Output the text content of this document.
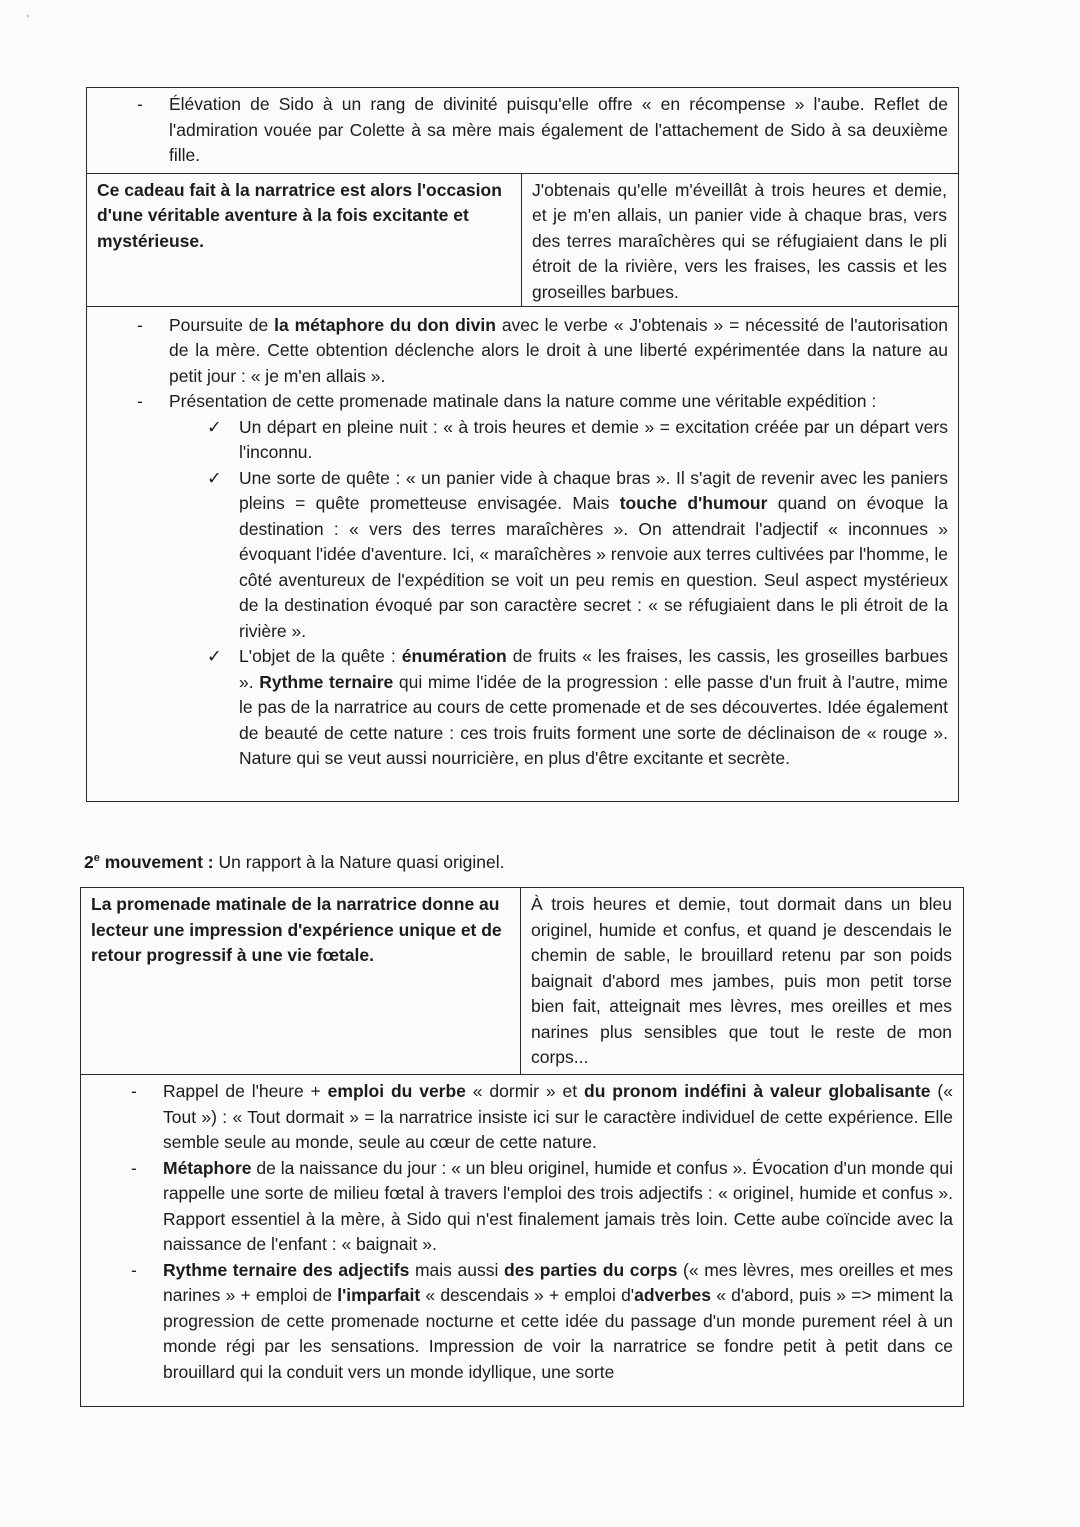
`
- Élévation de Sido à un rang de divinité puisqu'elle offre « en récompense » l'aube. Reflet de l'admiration vouée par Colette à sa mère mais également de l'attachement de Sido à sa deuxième fille.
Ce cadeau fait à la narratrice est alors l'occasion d'une véritable aventure à la fois excitante et mystérieuse.
J'obtenais qu'elle m'éveillât à trois heures et demie, et je m'en allais, un panier vide à chaque bras, vers des terres maraîchères qui se réfugiaient dans le pli étroit de la rivière, vers les fraises, les cassis et les groseilles barbues.
- Poursuite de la métaphore du don divin avec le verbe « J'obtenais » = nécessité de l'autorisation de la mère. Cette obtention déclenche alors le droit à une liberté expérimentée dans la nature au petit jour : « je m'en allais ».
- Présentation de cette promenade matinale dans la nature comme une véritable expédition :
✓ Un départ en pleine nuit : « à trois heures et demie » = excitation créée par un départ vers l'inconnu.
✓ Une sorte de quête : « un panier vide à chaque bras ». Il s'agit de revenir avec les paniers pleins = quête prometteuse envisagée. Mais touche d'humour quand on évoque la destination : « vers des terres maraîchères ». On attendrait l'adjectif « inconnues » évoquant l'idée d'aventure. Ici, « maraîchères » renvoie aux terres cultivées par l'homme, le côté aventureux de l'expédition se voit un peu remis en question. Seul aspect mystérieux de la destination évoqué par son caractère secret : « se réfugiaient dans le pli étroit de la rivière ».
✓ L'objet de la quête : énumération de fruits « les fraises, les cassis, les groseilles barbues ». Rythme ternaire qui mime l'idée de la progression : elle passe d'un fruit à l'autre, mime le pas de la narratrice au cours de cette promenade et de ses découvertes. Idée également de beauté de cette nature : ces trois fruits forment une sorte de déclinaison de « rouge ». Nature qui se veut aussi nourricière, en plus d'être excitante et secrète.
2e mouvement : Un rapport à la Nature quasi originel.
La promenade matinale de la narratrice donne au lecteur une impression d'expérience unique et de retour progressif à une vie fœtale.
À trois heures et demie, tout dormait dans un bleu originel, humide et confus, et quand je descendais le chemin de sable, le brouillard retenu par son poids baignait d'abord mes jambes, puis mon petit torse bien fait, atteignait mes lèvres, mes oreilles et mes narines plus sensibles que tout le reste de mon corps...
- Rappel de l'heure + emploi du verbe « dormir » et du pronom indéfini à valeur globalisante (« Tout ») : « Tout dormait » = la narratrice insiste ici sur le caractère individuel de cette expérience. Elle semble seule au monde, seule au cœur de cette nature.
- Métaphore de la naissance du jour : « un bleu originel, humide et confus ». Évocation d'un monde qui rappelle une sorte de milieu fœtal à travers l'emploi des trois adjectifs : « originel, humide et confus ». Rapport essentiel à la mère, à Sido qui n'est finalement jamais très loin. Cette aube coïncide avec la naissance de l'enfant : « baignait ».
- Rythme ternaire des adjectifs mais aussi des parties du corps (« mes lèvres, mes oreilles et mes narines » + emploi de l'imparfait « descendais » + emploi d'adverbes « d'abord, puis » => miment la progression de cette promenade nocturne et cette idée du passage d'un monde purement réel à un monde régi par les sensations. Impression de voir la narratrice se fondre petit à petit dans ce brouillard qui la conduit vers un monde idyllique, une sorte
